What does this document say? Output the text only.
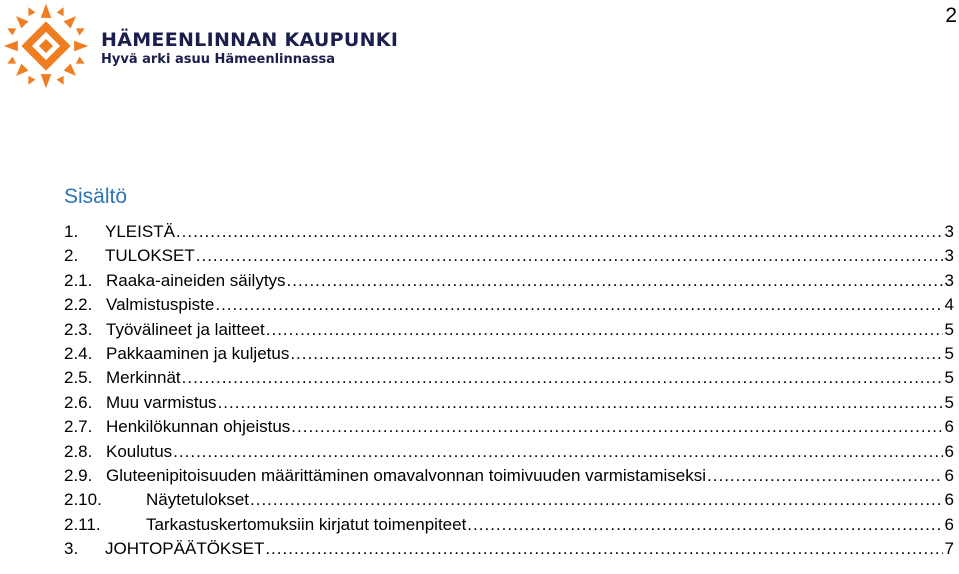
2
HÄMEENLINNAN KAUPUNKI
Hyvä arki asuu Hämeenlinnassa
Sisältö
1.	YLEISTÄ .....	3
2.	TULOKSET .....	3
2.1. Raaka-aineiden säilytys .....	3
2.2. Valmistuspiste .....	4
2.3. Työvälineet ja laitteet .....	5
2.4. Pakkaaminen ja kuljetus .....	5
2.5. Merkinnät .....	5
2.6. Muu varmistus .....	5
2.7. Henkilökunnan ohjeistus .....	6
2.8. Koulutus .....	6
2.9. Gluteenipitoisuuden määrittäminen omavalvonnan toimivuuden varmistamiseksi .....	6
2.10.	Näytetulokset .....	6
2.11.	Tarkastuskertomuksiin kirjatut toimenpiteet .....	6
3.	JOHTOPÄÄTÖKSET .....	7
